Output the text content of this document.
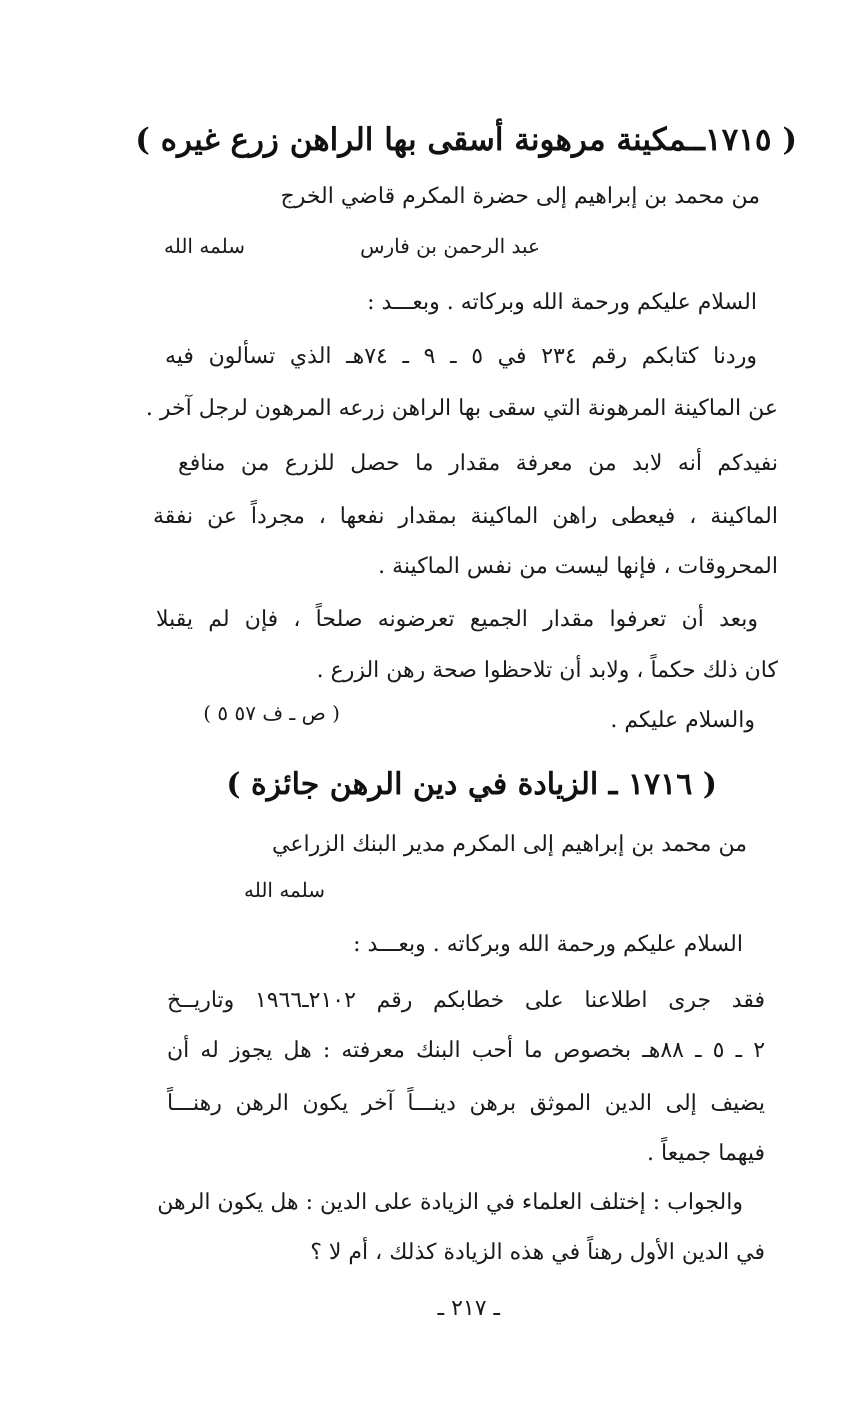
( ١٧١٥ــمكينة مرهونة أسقى بها الراهن زرع غيره )
من محمد بن إبراهيم إلى حضرة المكرم قاضي الخرج
عبد الرحمن بن فارس
سلمه الله
السلام عليكم ورحمة الله وبركاته . وبعـــد :
وردنا كتابكم رقم ٢٣٤ في ٥ ـ ٩ ـ ٧٤هـ الذي تسألون فيه
عن الماكينة المرهونة التي سقى بها الراهن زرعه المرهون لرجل آخر .
نفيدكم أنه لابد من معرفة مقدار ما حصل للزرع من منافع
الماكينة ، فيعطى راهن الماكينة بمقدار نفعها ، مجرداً عن نفقة
المحروقات ، فإنها ليست من نفس الماكينة .
وبعد أن تعرفوا مقدار الجميع تعرضونه صلحاً ، فإن لم يقبلا
كان ذلك حكماً ، ولابد أن تلاحظوا صحة رهن الزرع .
والسلام عليكم .
( ص ـ ف ٥٧ ٥ )
( ١٧١٦ ـ الزيادة في دين الرهن جائزة )
من محمد بن إبراهيم إلى المكرم مدير البنك الزراعي
سلمه الله
السلام عليكم ورحمة الله وبركاته . وبعـــد :
فقد جرى اطلاعنا على خطابكم رقم ٢١٠٢ـ١٩٦٦ وتاريــخ
٢ ـ ٥ ـ ٨٨هـ بخصوص ما أحب البنك معرفته : هل يجوز له أن
يضيف إلى الدين الموثق برهن دينـــاً آخر يكون الرهن رهنـــاً
فيهما جميعاً .
والجواب : إختلف العلماء في الزيادة على الدين : هل يكون الرهن
في الدين الأول رهناً في هذه الزيادة كذلك ، أم لا ؟
ـ ٢١٧ ـ
